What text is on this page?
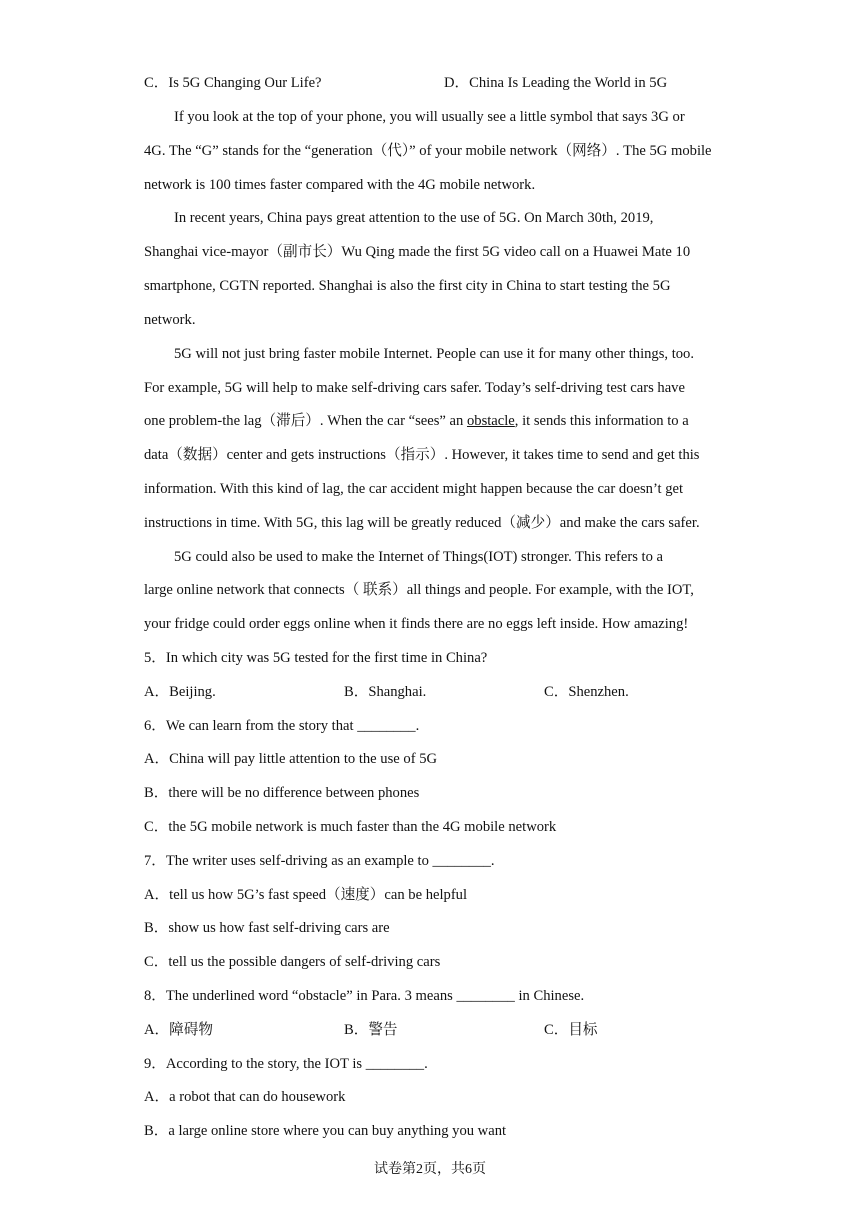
C．Is 5G Changing Our Life?	D．China Is Leading the World in 5G
If you look at the top of your phone, you will usually see a little symbol that says 3G or
4G. The “G” stands for the “generation（代）” of your mobile network（网络）. The 5G mobile
network is 100 times faster compared with the 4G mobile network.
In recent years, China pays great attention to the use of 5G. On March 30th, 2019,
Shanghai vice-mayor（副市长）Wu Qing made the first 5G video call on a Huawei Mate 10
smartphone, CGTN reported. Shanghai is also the first city in China to start testing the 5G
network.
5G will not just bring faster mobile Internet. People can use it for many other things, too.
For example, 5G will help to make self-driving cars safer. Today’s self-driving test cars have
one problem-the lag（滞后）. When the car “sees” an obstacle, it sends this information to a
data（数据）center and gets instructions（指示）. However, it takes time to send and get this
information. With this kind of lag, the car accident might happen because the car doesn’t get
instructions in time. With 5G, this lag will be greatly reduced（减少）and make the cars safer.
5G could also be used to make the Internet of Things(IOT) stronger. This refers to a
large online network that connects（ 联系）all things and people. For example, with the IOT,
your fridge could order eggs online when it finds there are no eggs left inside. How amazing!
5．In which city was 5G tested for the first time in China?
A．Beijing.	B．Shanghai.	C．Shenzhen.
6．We can learn from the story that ________.
A．China will pay little attention to the use of 5G
B．there will be no difference between phones
C．the 5G mobile network is much faster than the 4G mobile network
7．The writer uses self-driving as an example to ________.
A．tell us how 5G’s fast speed（速度）can be helpful
B．show us how fast self-driving cars are
C．tell us the possible dangers of self-driving cars
8．The underlined word “obstacle” in Para. 3 means ________ in Chinese.
A．障碍物	B．警告	C．目标
9．According to the story, the IOT is ________.
A．a robot that can do housework
B．a large online store where you can buy anything you want
试卷第2页，共6页
